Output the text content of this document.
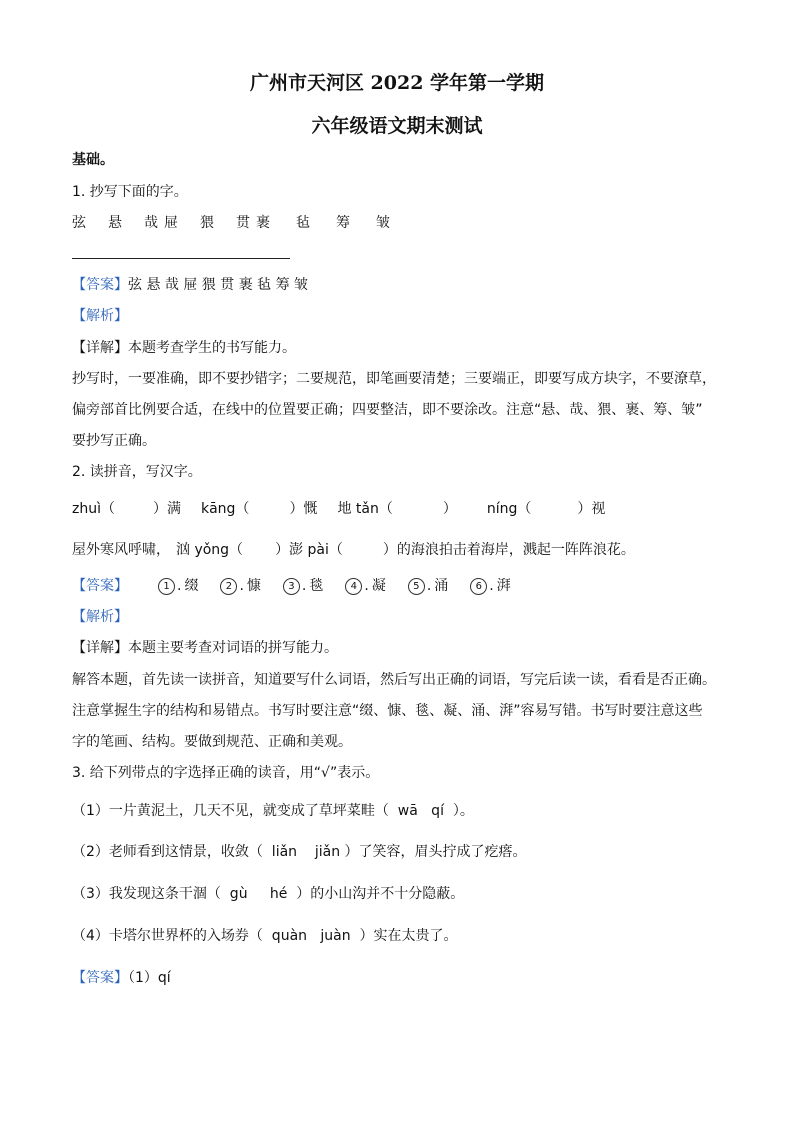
广州市天河区 2022 学年第一学期
六年级语文期末测试
基础。
1. 抄写下面的字。
弦 悬 哉 屉 猥 贯 裹 毡 筹 皱
【答案】弦 悬 哉 屉 猥 贯 裹 毡 筹 皱
【解析】
【详解】本题考查学生的书写能力。
抄写时，一要准确，即不要抄错字；二要规范，即笔画要清楚；三要端正，即要写成方块字，不要潦草，
偏旁部首比例要合适，在线中的位置要正确；四要整洁，即不要涂改。注意“悬、哉、猥、裹、筹、皱”
要抄写正确。
2. 读拼音，写汉字。
zhuì（	）满 kāng（	）慨 地 tǎn（	） níng（	）视
屋外寒风呼啸， 汹 yǒng（ ）澎 pài（	）的海浪拍击着海岸，溅起一阵阵浪花。
【答案】	1 . 缀	2 . 慷	3 . 毯	4 . 凝	5 . 涌	6 . 湃
【解析】
【详解】本题主要考查对词语的拼写能力。
解答本题，首先读一读拼音，知道要写什么词语，然后写出正确的词语，写完后读一读，看看是否正确。
注意掌握生字的结构和易错点。书写时要注意“缀、慷、毯、凝、涌、湃”容易写错。书写时要注意这些
字的笔画、结构。要做到规范、正确和美观。
3. 给下列带点的字选择正确的读音，用“√”表示。
（1）一片黄泥土，几天不见，就变成了草坪菜畦（  wā   qí  ）。
（2）老师看到这情景，收敛（  liǎn    jiǎn ）了笑容，眉头拧成了疙瘩。
（3）我发现这条干涸（  gù     hé  ）的小山沟并不十分隐蔽。
（4）卡塔尔世界杯的入场券（  quàn   juàn  ）实在太贵了。
【答案】（1）qí
